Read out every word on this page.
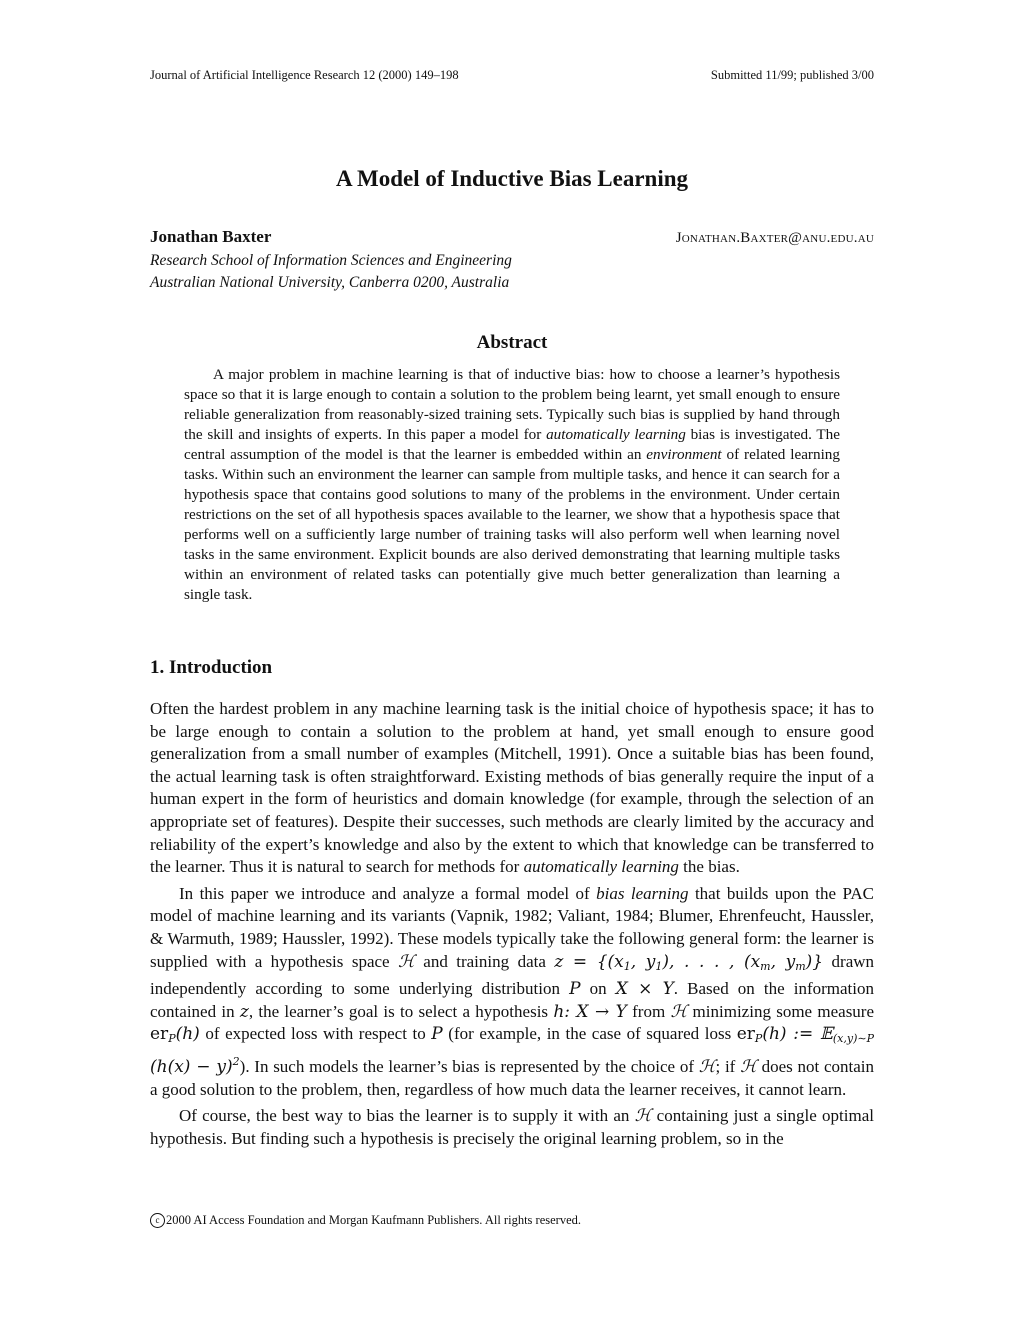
Journal of Artificial Intelligence Research 12 (2000) 149–198	Submitted 11/99; published 3/00
A Model of Inductive Bias Learning
Jonathan Baxter	Jonathan.Baxter@anu.edu.au
Research School of Information Sciences and Engineering
Australian National University, Canberra 0200, Australia
Abstract
A major problem in machine learning is that of inductive bias: how to choose a learner’s hypothesis space so that it is large enough to contain a solution to the problem being learnt, yet small enough to ensure reliable generalization from reasonably-sized training sets. Typically such bias is supplied by hand through the skill and insights of experts. In this paper a model for automatically learning bias is investigated. The central assumption of the model is that the learner is embedded within an environment of related learning tasks. Within such an environment the learner can sample from multiple tasks, and hence it can search for a hypothesis space that contains good solutions to many of the problems in the environment. Under certain restrictions on the set of all hypothesis spaces available to the learner, we show that a hypothesis space that performs well on a sufficiently large number of training tasks will also perform well when learning novel tasks in the same environment. Explicit bounds are also derived demonstrating that learning multiple tasks within an environment of related tasks can potentially give much better generalization than learning a single task.
1. Introduction

Often the hardest problem in any machine learning task is the initial choice of hypothesis space; it has to be large enough to contain a solution to the problem at hand, yet small enough to ensure good generalization from a small number of examples (Mitchell, 1991). Once a suitable bias has been found, the actual learning task is often straightforward. Existing methods of bias generally require the input of a human expert in the form of heuristics and domain knowledge (for example, through the selection of an appropriate set of features). Despite their successes, such methods are clearly limited by the accuracy and reliability of the expert’s knowledge and also by the extent to which that knowledge can be transferred to the learner. Thus it is natural to search for methods for automatically learning the bias.

In this paper we introduce and analyze a formal model of bias learning that builds upon the PAC model of machine learning and its variants (Vapnik, 1982; Valiant, 1984; Blumer, Ehrenfeucht, Haussler, & Warmuth, 1989; Haussler, 1992). These models typically take the following general form: the learner is supplied with a hypothesis space ℋ and training data $z = \{(x_1$, $y_1$), . . . , ($x_m$, $y_m$)} drawn independently according to some underlying distribution P on X × Y. Based on the information contained in z, the learner’s goal is to select a hypothesis h: X → Y from ℋ minimizing some measure $er_P(h)$ of expected loss with respect to P (for example, in the case of squared loss $er_P(h)$ := 𝔼$_{(x,y)\sim P}$ $(h(x) - y)^2$). In such models the learner’s bias is represented by the choice of ℋ; if ℋ does not contain a good solution to the problem, then, regardless of how much data the learner receives, it cannot learn.

Of course, the best way to bias the learner is to supply it with an ℋ containing just a single optimal hypothesis. But finding such a hypothesis is precisely the original learning problem, so in the

c 2000 AI Access Foundation and Morgan Kaufmann Publishers. All rights reserved.
